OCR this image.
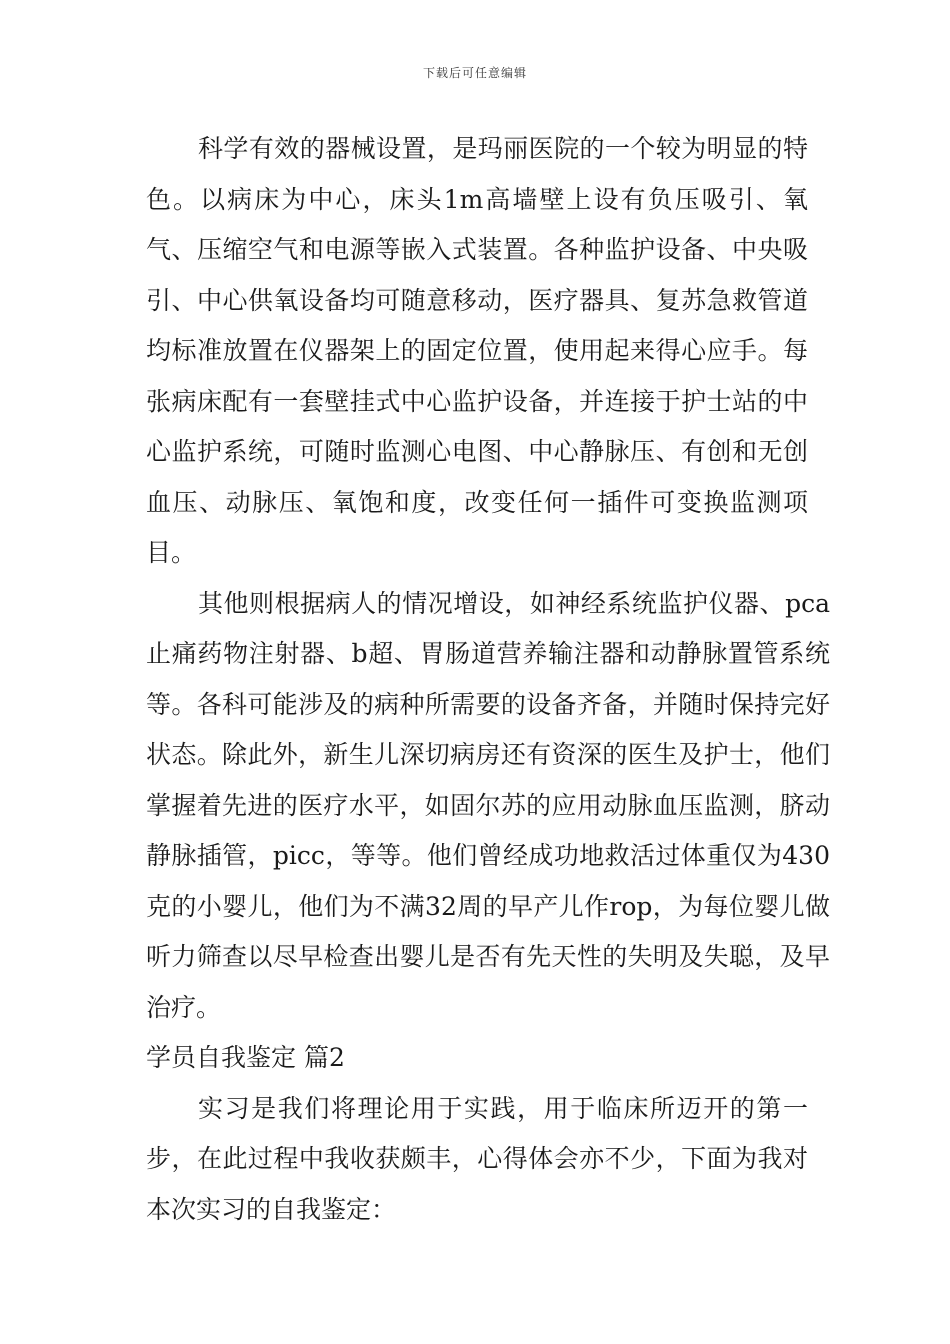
下载后可任意编辑

科学有效的器械设置，是玛丽医院的一个较为明显的特色。以病床为中心，床头1m高墙壁上设有负压吸引、氧气、压缩空气和电源等嵌入式装置。各种监护设备、中央吸引、中心供氧设备均可随意移动，医疗器具、复苏急救管道均标准放置在仪器架上的固定位置，使用起来得心应手。每张病床配有一套壁挂式中心监护设备，并连接于护士站的中心监护系统，可随时监测心电图、中心静脉压、有创和无创血压、动脉压、氧饱和度，改变任何一插件可变换监测项目。

其他则根据病人的情况增设，如神经系统监护仪器、pca止痛药物注射器、b超、胃肠道营养输注器和动静脉置管系统等。各科可能涉及的病种所需要的设备齐备，并随时保持完好状态。除此外，新生儿深切病房还有资深的医生及护士，他们掌握着先进的医疗水平，如固尔苏的应用动脉血压监测，脐动静脉插管，picc，等等。他们曾经成功地救活过体重仅为430克的小婴儿，他们为不满32周的早产儿作rop，为每位婴儿做听力筛查以尽早检查出婴儿是否有先天性的失明及失聪，及早治疗。

学员自我鉴定 篇2

实习是我们将理论用于实践，用于临床所迈开的第一步，在此过程中我收获颇丰，心得体会亦不少，下面为我对本次实习的自我鉴定：
